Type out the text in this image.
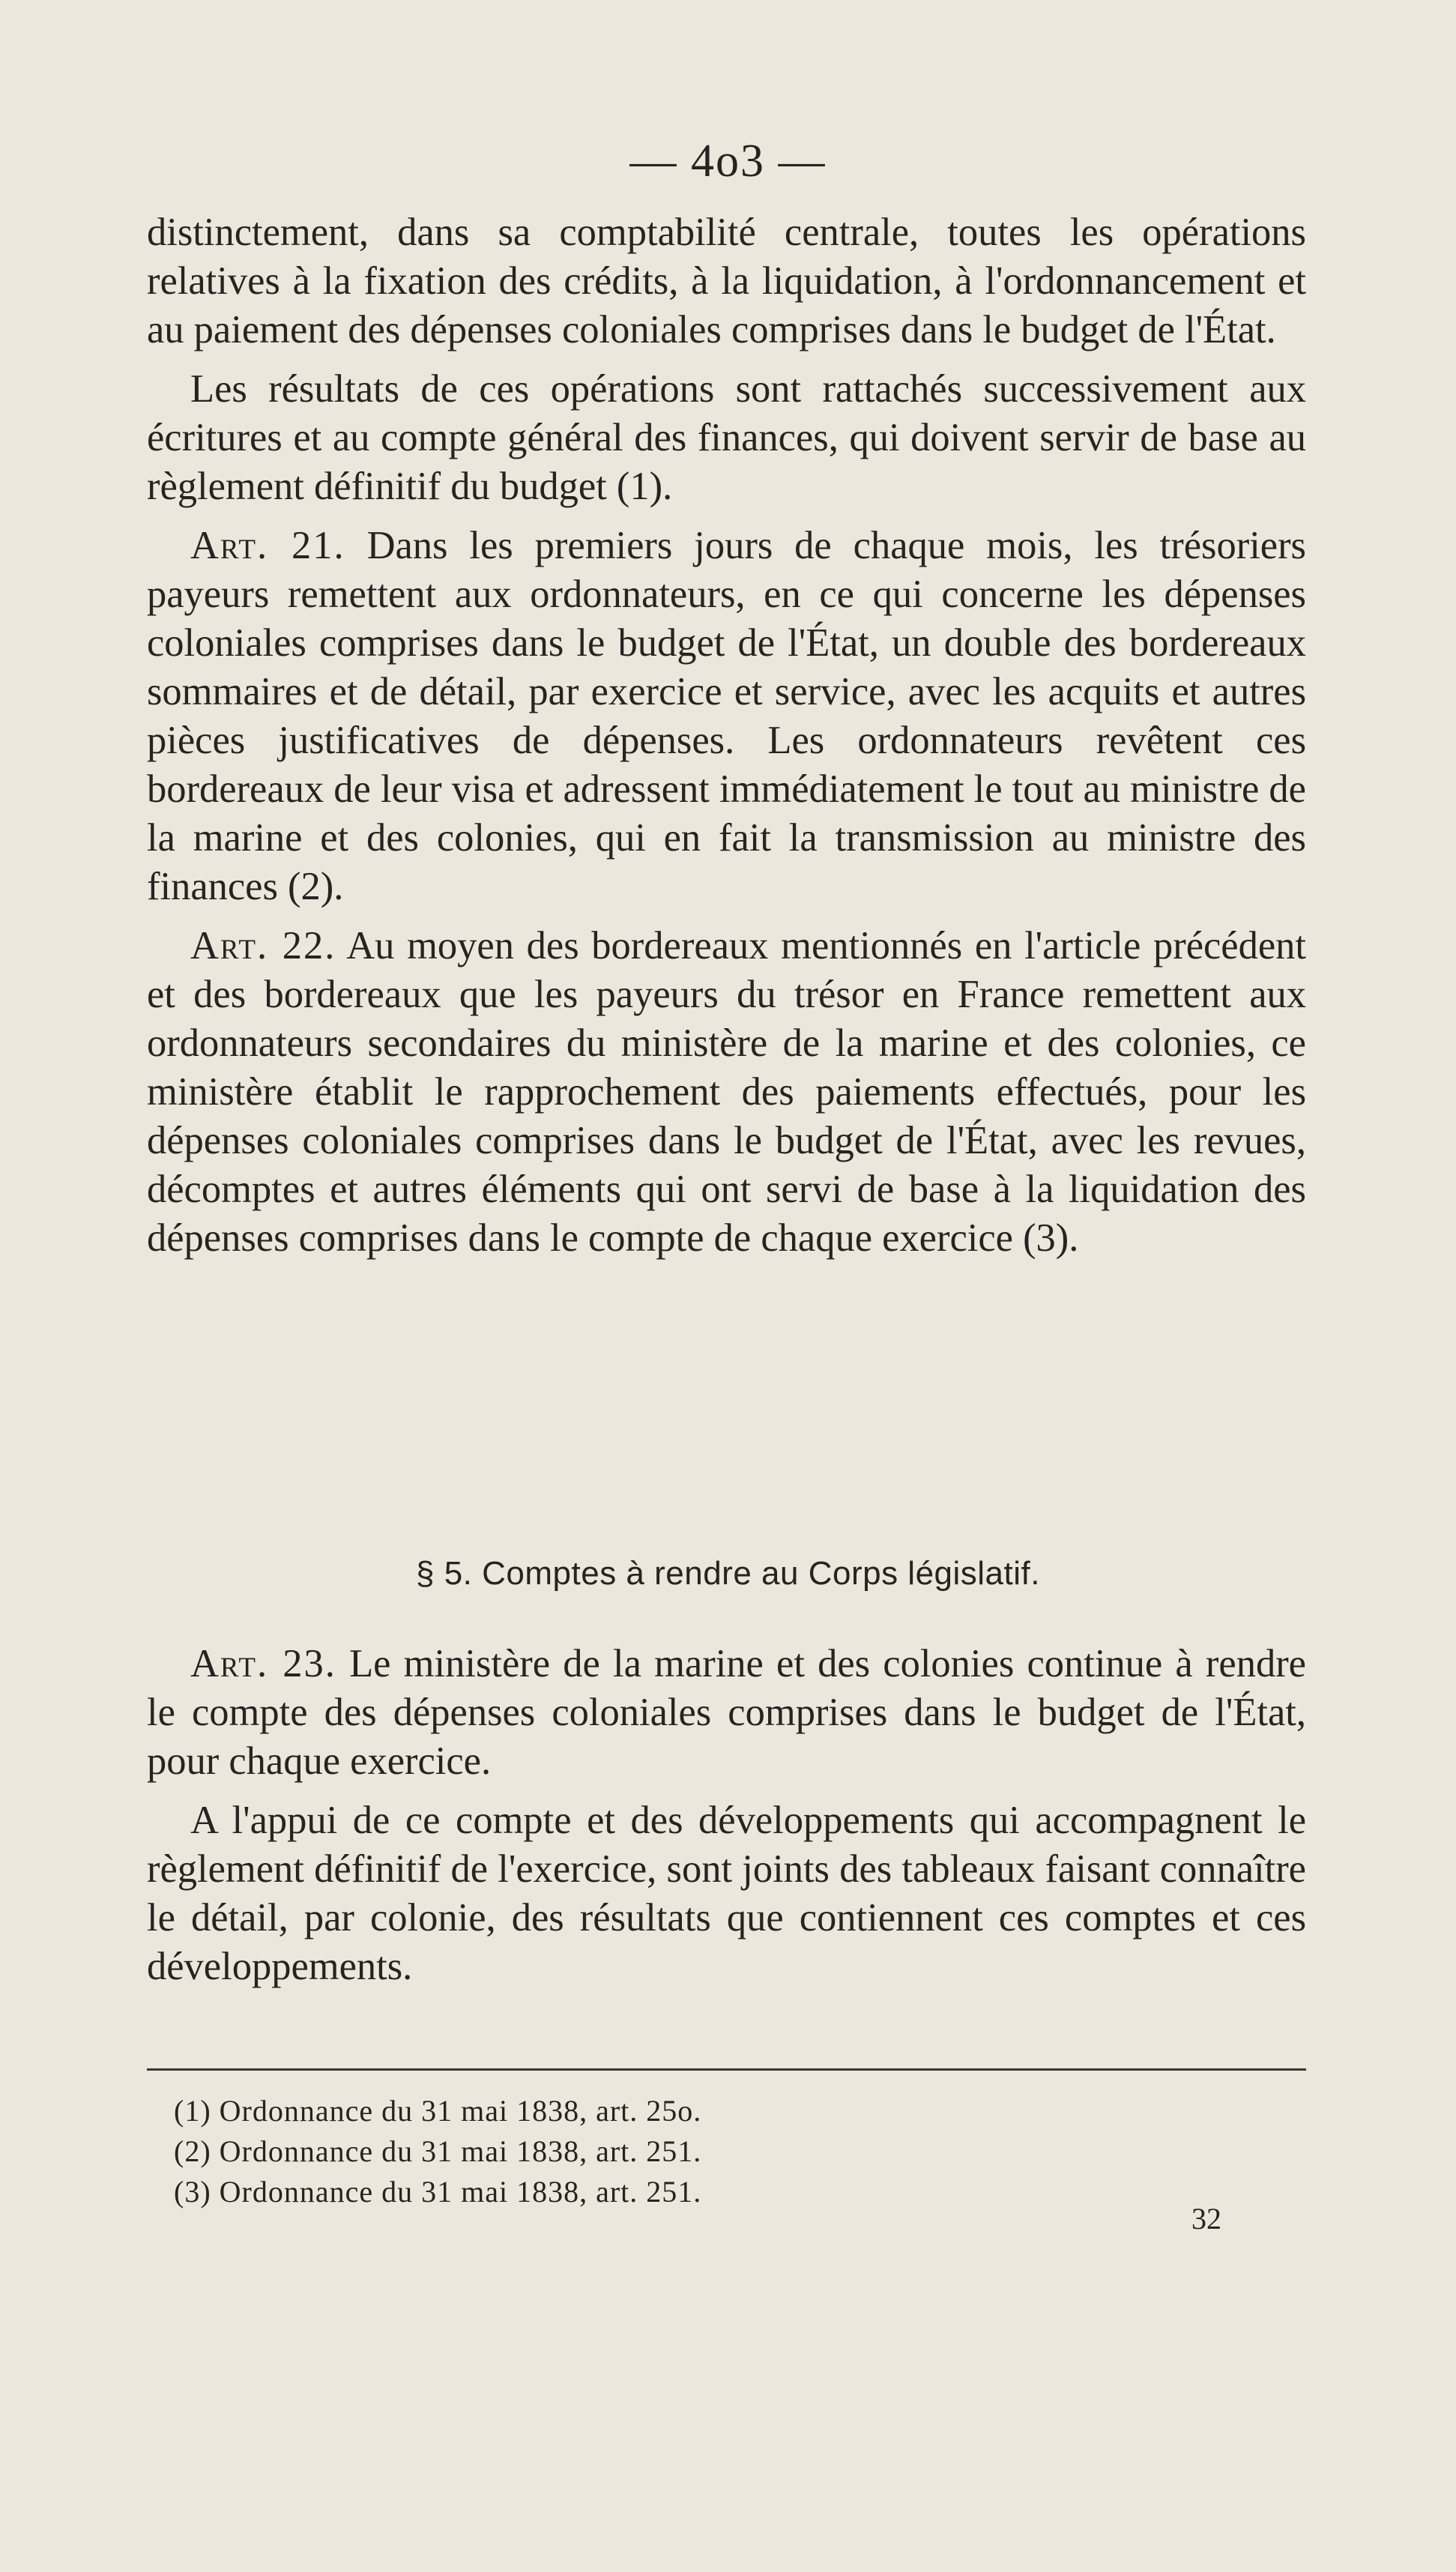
— 4o3 —

distinctement, dans sa comptabilité centrale, toutes les opérations relatives à la fixation des crédits, à la liquidation, à l'ordonnancement et au paiement des dépenses coloniales comprises dans le budget de l'État.

Les résultats de ces opérations sont rattachés successivement aux écritures et au compte général des finances, qui doivent servir de base au règlement définitif du budget (1).

Art. 21. Dans les premiers jours de chaque mois, les trésoriers payeurs remettent aux ordonnateurs, en ce qui concerne les dépenses coloniales comprises dans le budget de l'État, un double des bordereaux sommaires et de détail, par exercice et service, avec les acquits et autres pièces justificatives de dépenses. Les ordonnateurs revêtent ces bordereaux de leur visa et adressent immédiatement le tout au ministre de la marine et des colonies, qui en fait la transmission au ministre des finances (2).

Art. 22. Au moyen des bordereaux mentionnés en l'article précédent et des bordereaux que les payeurs du trésor en France remettent aux ordonnateurs secondaires du ministère de la marine et des colonies, ce ministère établit le rapprochement des paiements effectués, pour les dépenses coloniales comprises dans le budget de l'État, avec les revues, décomptes et autres éléments qui ont servi de base à la liquidation des dépenses comprises dans le compte de chaque exercice (3).

§ 5. Comptes à rendre au Corps législatif.

Art. 23. Le ministère de la marine et des colonies continue à rendre le compte des dépenses coloniales comprises dans le budget de l'État, pour chaque exercice.

A l'appui de ce compte et des développements qui accompagnent le règlement définitif de l'exercice, sont joints des tableaux faisant connaître le détail, par colonie, des résultats que contiennent ces comptes et ces développements.

(1) Ordonnance du 31 mai 1838, art. 25o.
(2) Ordonnance du 31 mai 1838, art. 251.
(3) Ordonnance du 31 mai 1838, art. 251.
32
